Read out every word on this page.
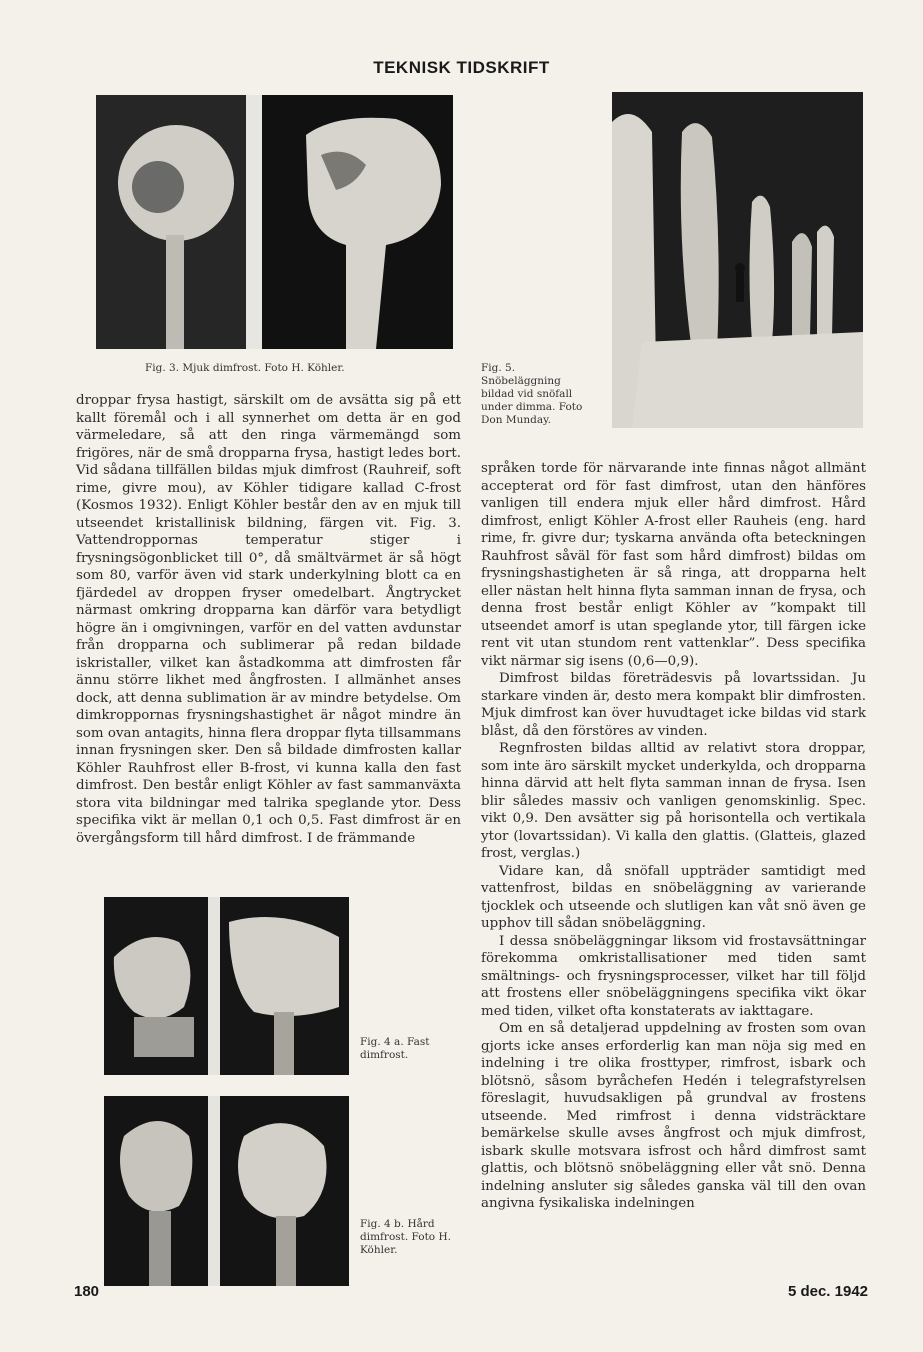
TEKNISK TIDSKRIFT
Fig. 3. Mjuk dimfrost. Foto H. Köhler.	Fig. 5. Snöbeläggning bildad vid snöfall under dimma. Foto Don Munday.
Fig. 4 a. Fast dimfrost.
Fig. 4 b. Hård dimfrost. Foto H. Köhler.

droppar frysa hastigt, särskilt om de avsätta sig på ett kallt föremål och i all synnerhet om detta är en god värmeledare, så att den ringa värmemängd som frigöres, när de små dropparna frysa, hastigt ledes bort. Vid sådana tillfällen bildas mjuk dimfrost (Rauhreif, soft rime, givre mou), av Köhler tidigare kallad C-frost (Kosmos 1932). Enligt Köhler består den av en mjuk till utseendet kristallinisk bildning, färgen vit. Fig. 3. Vattendroppornas temperatur stiger i frysningsögonblicket till 0°, då smältvärmet är så högt som 80, varför även vid stark underkylning blott ca en fjärdedel av droppen fryser omedelbart. Ångtrycket närmast omkring dropparna kan därför vara betydligt högre än i omgivningen, varför en del vatten avdunstar från dropparna och sublimerar på redan bildade iskristaller, vilket kan åstadkomma att dimfrosten får ännu större likhet med ångfrosten. I allmänhet anses dock, att denna sublimation är av mindre betydelse. Om dimkroppornas frysningshastighet är något mindre än som ovan antagits, hinna flera droppar flyta tillsammans innan frysningen sker. Den så bildade dimfrosten kallar Köhler Rauhfrost eller B-frost, vi kunna kalla den fast dimfrost. Den består enligt Köhler av fast sammanväxta stora vita bildningar med talrika speglande ytor. Dess specifika vikt är mellan 0,1 och 0,5. Fast dimfrost är en övergångsform till hård dimfrost. I de främmande

språken torde för närvarande inte finnas något allmänt accepterat ord för fast dimfrost, utan den hänföres vanligen till endera mjuk eller hård dimfrost. Hård dimfrost, enligt Köhler A-frost eller Rauheis (eng. hard rime, fr. givre dur; tyskarna använda ofta beteckningen Rauhfrost såväl för fast som hård dimfrost) bildas om frysningshastigheten är så ringa, att dropparna helt eller nästan helt hinna flyta samman innan de frysa, och denna frost består enligt Köhler av ”kompakt till utseendet amorf is utan speglande ytor, till färgen icke rent vit utan stundom rent vattenklar”. Dess specifika vikt närmar sig isens (0,6—0,9).

Dimfrost bildas företrädesvis på lovartssidan. Ju starkare vinden är, desto mera kompakt blir dimfrosten. Mjuk dimfrost kan över huvudtaget icke bildas vid stark blåst, då den förstöres av vinden.

Regnfrosten bildas alltid av relativt stora droppar, som inte äro särskilt mycket underkylda, och dropparna hinna därvid att helt flyta samman innan de frysa. Isen blir således massiv och vanligen genomskinlig. Spec. vikt 0,9. Den avsätter sig på horisontella och vertikala ytor (lovartssidan). Vi kalla den glattis. (Glatteis, glazed frost, verglas.)

Vidare kan, då snöfall uppträder samtidigt med vattenfrost, bildas en snöbeläggning av varierande tjocklek och utseende och slutligen kan våt snö även ge upphov till sådan snöbeläggning.

I dessa snöbeläggningar liksom vid frostavsättningar förekomma omkristallisationer med tiden samt smältnings- och frysningsprocesser, vilket har till följd att frostens eller snöbeläggningens specifika vikt ökar med tiden, vilket ofta konstaterats av iakttagare.

Om en så detaljerad uppdelning av frosten som ovan gjorts icke anses erforderlig kan man nöja sig med en indelning i tre olika frosttyper, rimfrost, isbark och blötsnö, såsom byråchefen Hedén i telegrafstyrelsen föreslagit, huvudsakligen på grundval av frostens utseende. Med rimfrost i denna vidsträcktare bemärkelse skulle avses ångfrost och mjuk dimfrost, isbark skulle motsvara isfrost och hård dimfrost samt glattis, och blötsnö snöbeläggning eller våt snö. Denna indelning ansluter sig således ganska väl till den ovan angivna fysikaliska indelningen

180	5 dec. 1942
